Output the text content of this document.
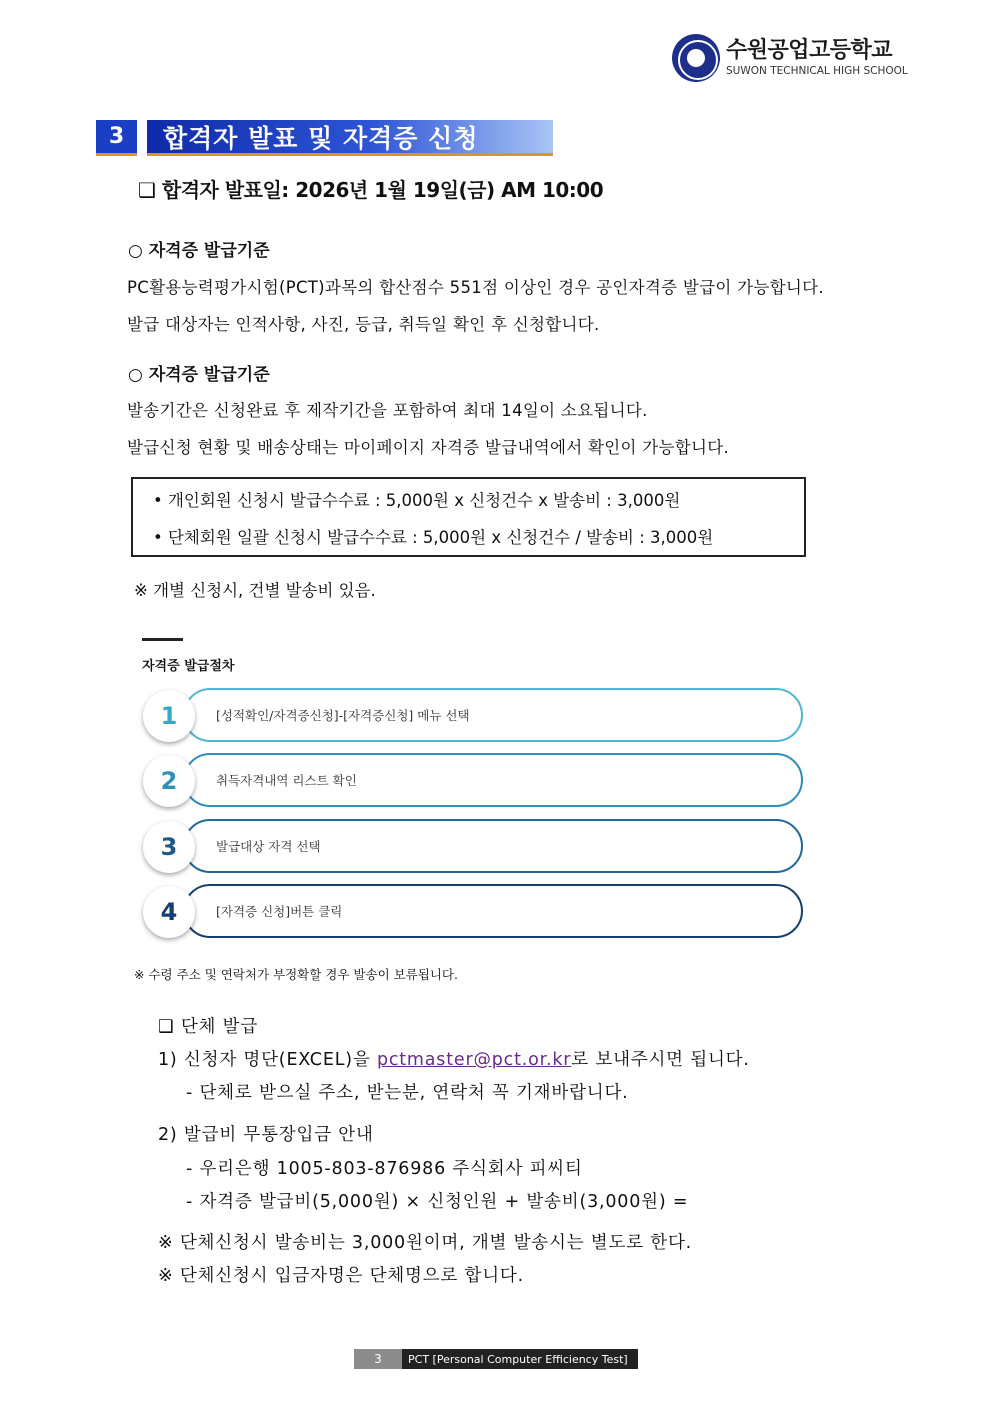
수원공업고등학교
SUWON TECHNICAL HIGH SCHOOL
3	합격자 발표 및 자격증 신청
❑ 합격자 발표일: 2026년 1월 19일(금) AM 10:00
○ 자격증 발급기준
PC활용능력평가시험(PCT)과목의 합산점수 551점 이상인 경우 공인자격증 발급이 가능합니다.
발급 대상자는 인적사항, 사진, 등급, 취득일 확인 후 신청합니다.
○ 자격증 발급기준
발송기간은 신청완료 후 제작기간을 포함하여 최대 14일이 소요됩니다.
발급신청 현황 및 배송상태는 마이페이지 자격증 발급내역에서 확인이 가능합니다.
• 개인회원 신청시 발급수수료 : 5,000원 x 신청건수 x 발송비 : 3,000원
• 단체회원 일괄 신청시 발급수수료 : 5,000원 x 신청건수 / 발송비 : 3,000원
※ 개별 신청시, 건별 발송비 있음.
자격증 발급절차
1	[성적확인/자격증신청]-[자격증신청] 메뉴 선택
2	취득자격내역 리스트 확인
3	발급대상 자격 선택
4	[자격증 신청]버튼 클릭
※ 수령 주소 및 연락처가 부정확할 경우 발송이 보류됩니다.
❑ 단체 발급
1) 신청자 명단(EXCEL)을 pctmaster@pct.or.kr로 보내주시면 됩니다.
- 단체로 받으실 주소, 받는분, 연락처 꼭 기재바랍니다.
2) 발급비 무통장입금 안내
- 우리은행 1005-803-876986 주식회사 피씨티
- 자격증 발급비(5,000원) × 신청인원 + 발송비(3,000원) =
※ 단체신청시 발송비는 3,000원이며, 개별 발송시는 별도로 한다.
※ 단체신청시 입금자명은 단체명으로 합니다.
3	PCT [Personal Computer Efficiency Test]
